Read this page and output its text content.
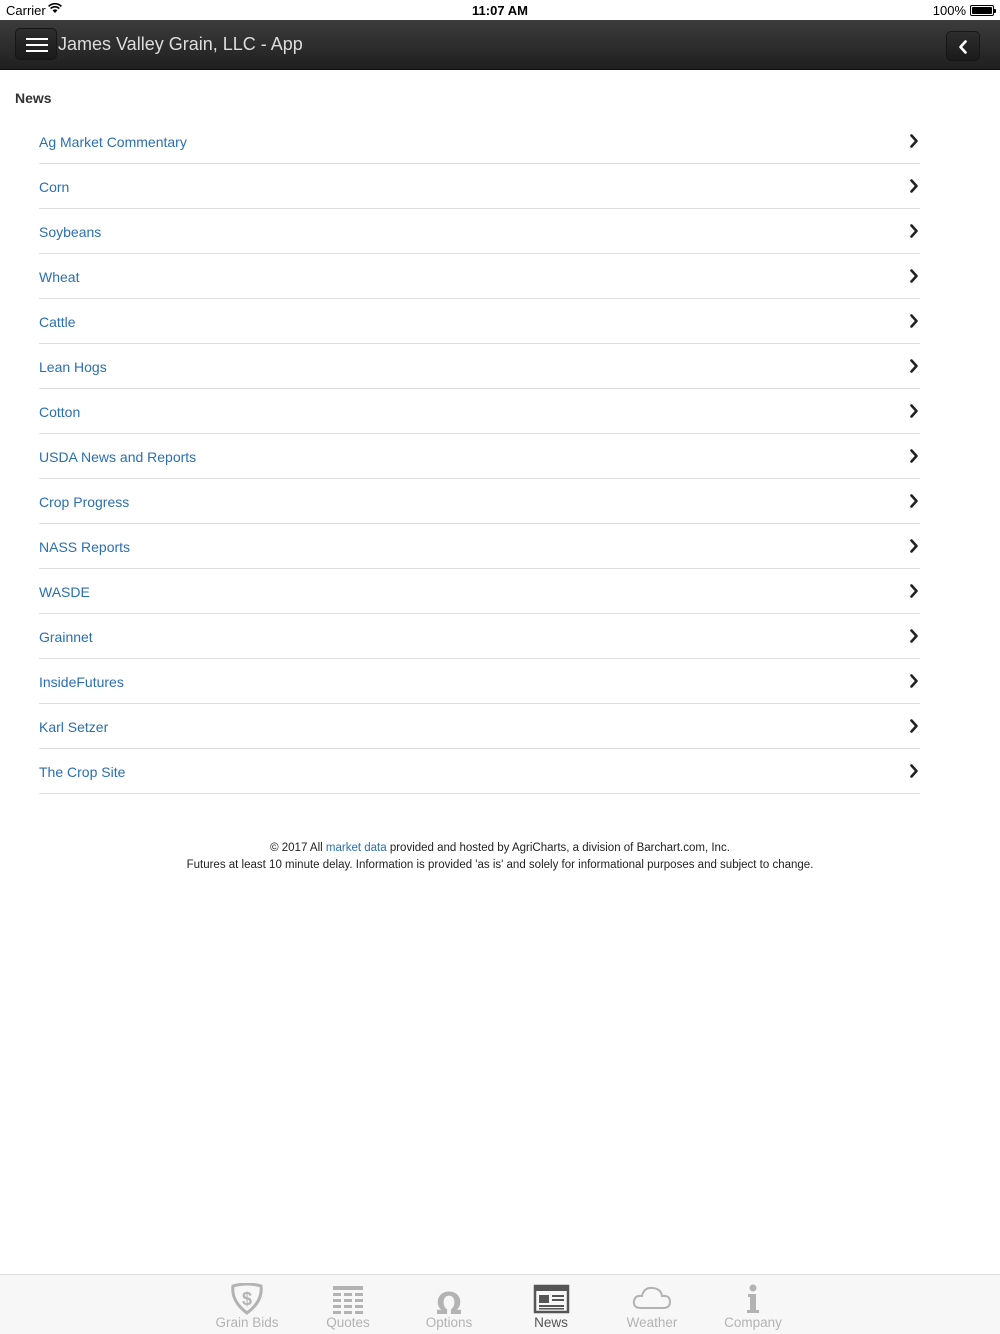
Carrier	11:07 AM	100%
James Valley Grain, LLC - App
News
Ag Market Commentary
Corn
Soybeans
Wheat
Cattle
Lean Hogs
Cotton
USDA News and Reports
Crop Progress
NASS Reports
WASDE
Grainnet
InsideFutures
Karl Setzer
The Crop Site
© 2017 All market data provided and hosted by AgriCharts, a division of Barchart.com, Inc.
Futures at least 10 minute delay. Information is provided 'as is' and solely for informational purposes and subject to change.
$
Grain Bids	Quotes
Ω
Options	News	Weather	Company
